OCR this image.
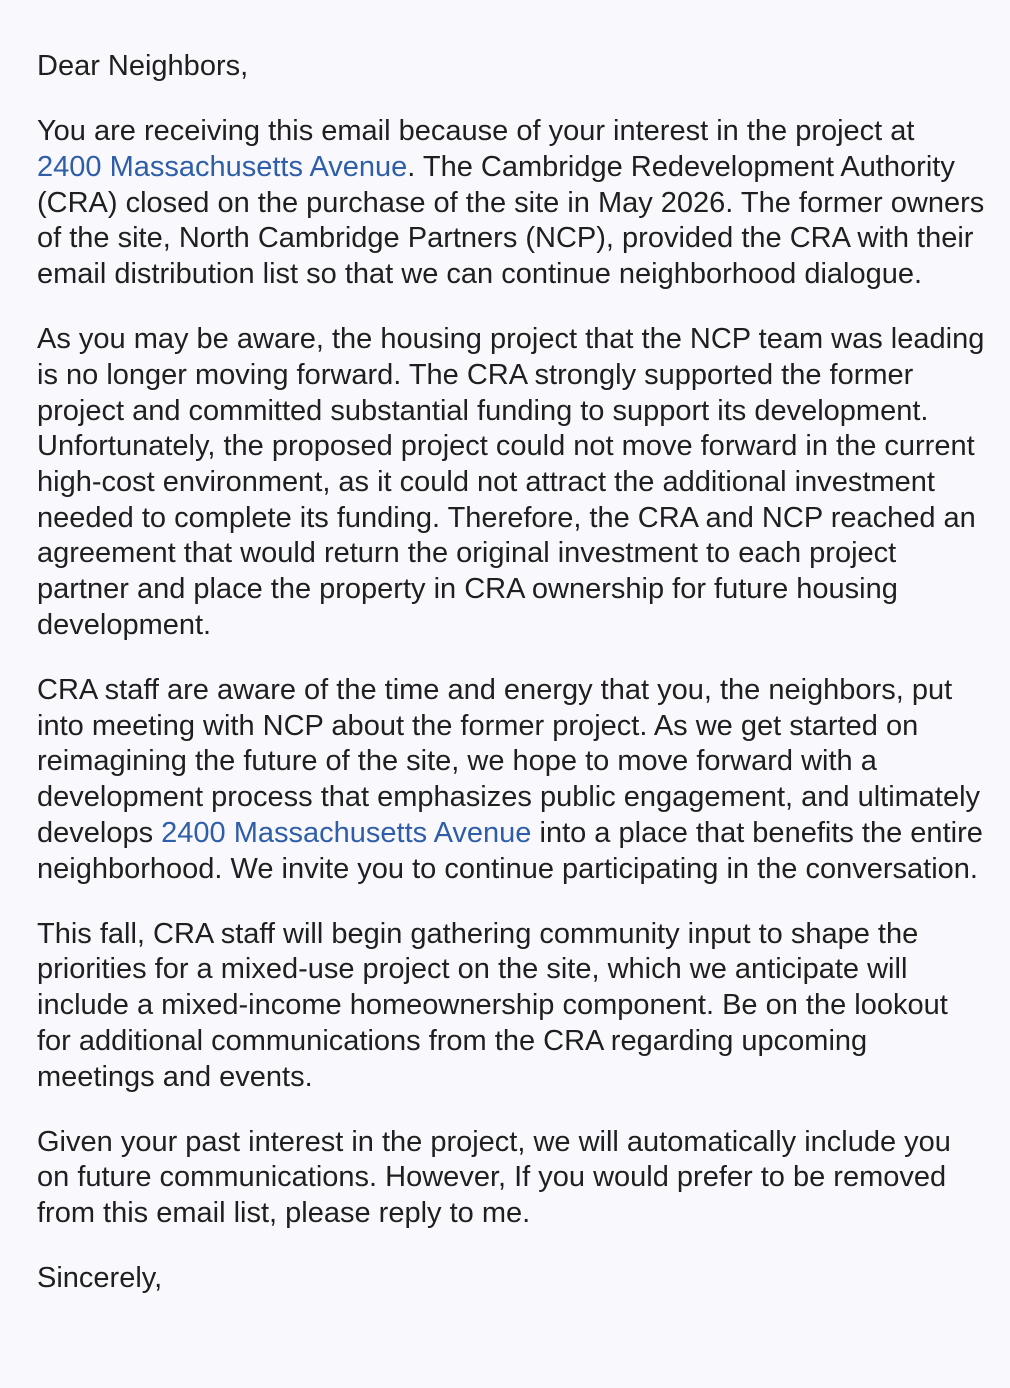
Dear Neighbors,

You are receiving this email because of your interest in the project at 2400 Massachusetts Avenue. The Cambridge Redevelopment Authority (CRA) closed on the purchase of the site in May 2026. The former owners of the site, North Cambridge Partners (NCP), provided the CRA with their email distribution list so that we can continue neighborhood dialogue.

As you may be aware, the housing project that the NCP team was leading is no longer moving forward. The CRA strongly supported the former project and committed substantial funding to support its development. Unfortunately, the proposed project could not move forward in the current high-cost environment, as it could not attract the additional investment needed to complete its funding. Therefore, the CRA and NCP reached an agreement that would return the original investment to each project partner and place the property in CRA ownership for future housing development.

CRA staff are aware of the time and energy that you, the neighbors, put into meeting with NCP about the former project. As we get started on reimagining the future of the site, we hope to move forward with a development process that emphasizes public engagement, and ultimately develops 2400 Massachusetts Avenue into a place that benefits the entire neighborhood. We invite you to continue participating in the conversation.

This fall, CRA staff will begin gathering community input to shape the priorities for a mixed-use project on the site, which we anticipate will include a mixed-income homeownership component. Be on the lookout for additional communications from the CRA regarding upcoming meetings and events.

Given your past interest in the project, we will automatically include you on future communications. However, If you would prefer to be removed from this email list, please reply to me.

Sincerely,
